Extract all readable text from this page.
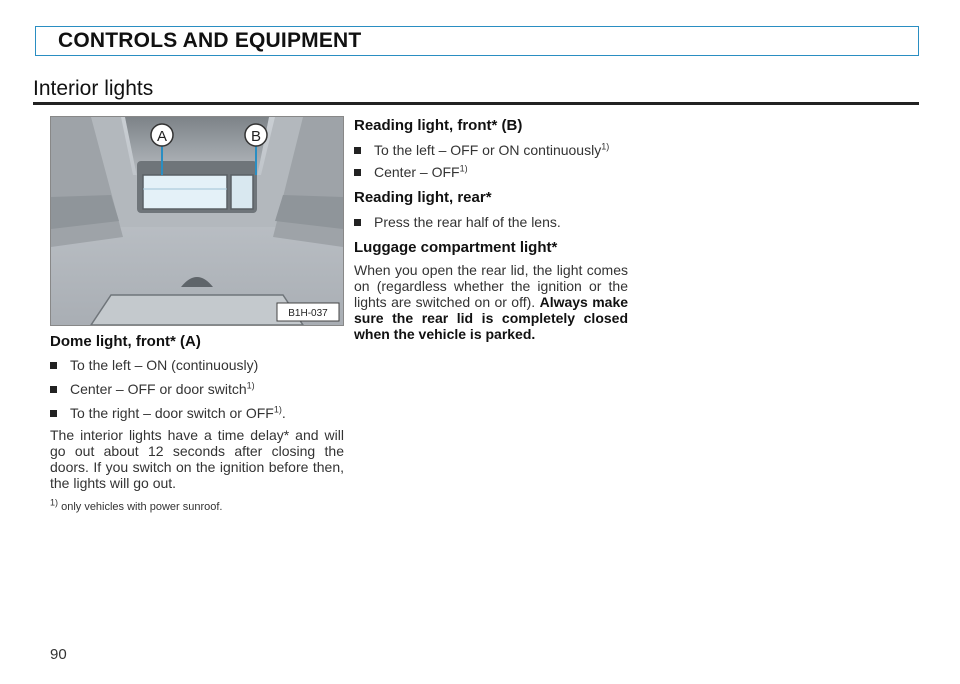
CONTROLS AND EQUIPMENT
Interior lights
A	B
B1H-037
Dome light, front* (A)
To the left – ON (continuously)
Center – OFF or door switch$^{1)}$
To the right – door switch or OFF$^{1)}$.
The interior lights have a time delay* and will go out about 12 seconds after closing the doors. If you switch on the ignition before then, the lights will go out.
$^{1)}$ only vehicles with power sunroof.
Reading light, front* (B)
To the left – OFF or ON continuously$^{1)}$
Center – OFF$^{1)}$
Reading light, rear*
Press the rear half of the lens.
Luggage compartment light*
When you open the rear lid, the light comes on (regardless whether the ignition or the lights are switched on or off). Always make sure the rear lid is completely closed when the vehicle is parked.
90
